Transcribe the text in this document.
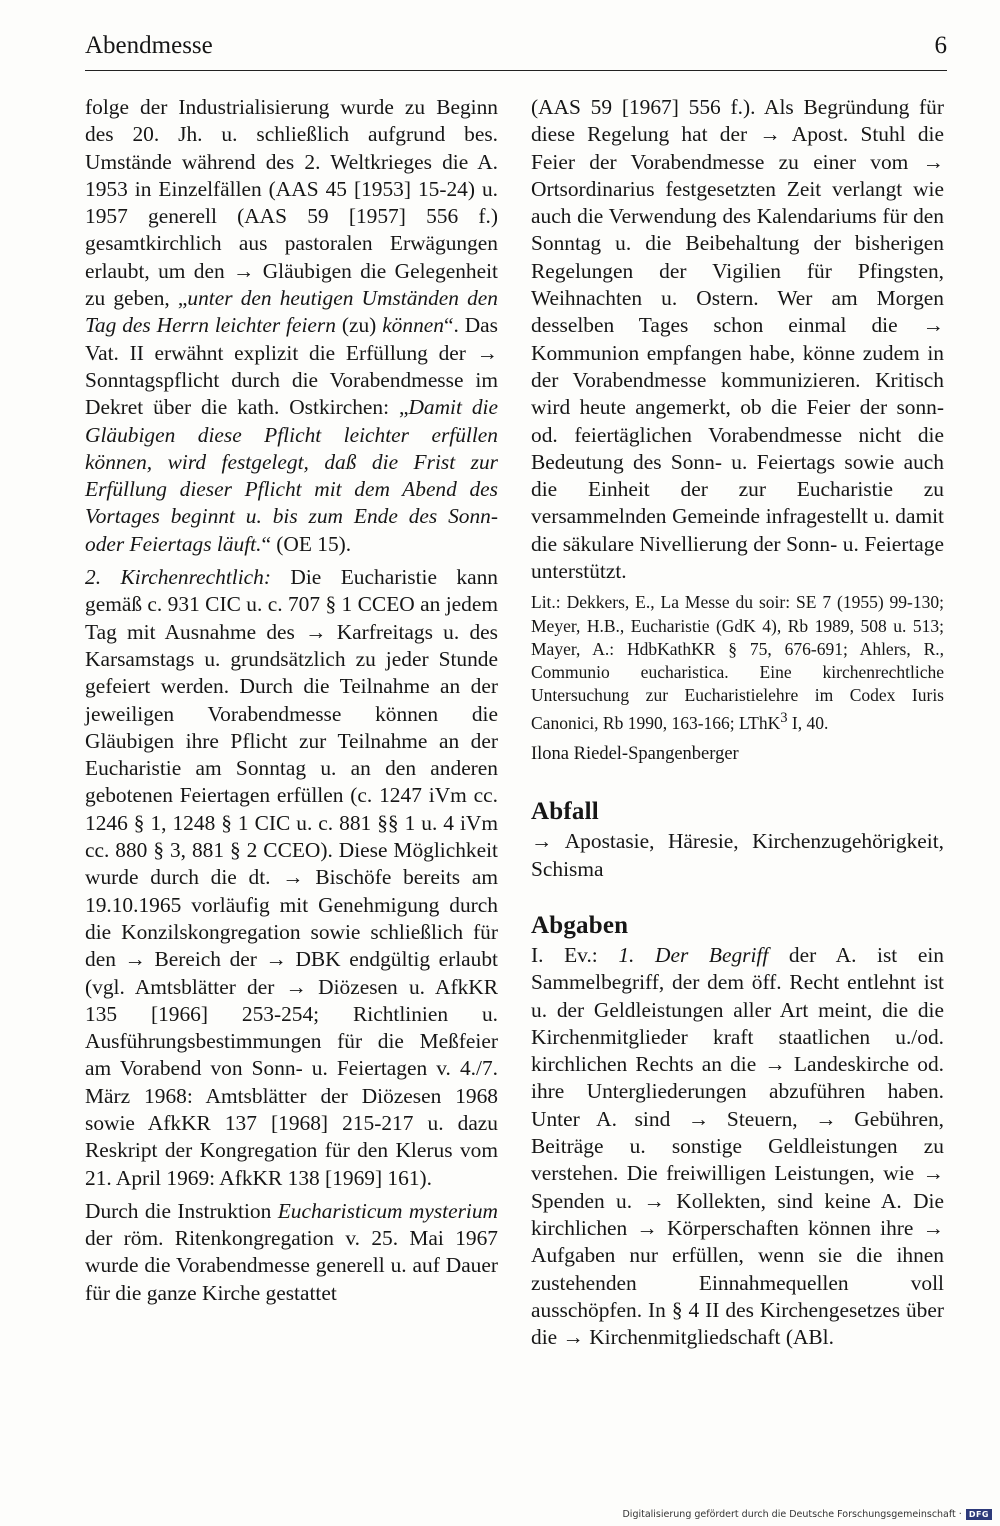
Abendmesse	6

folge der Industrialisierung wurde zu Beginn des 20. Jh. u. schließlich aufgrund bes. Umstände während des 2. Weltkrieges die A. 1953 in Einzelfällen (AAS 45 [1953] 15-24) u. 1957 generell (AAS 59 [1957] 556 f.) gesamtkirchlich aus pastoralen Erwägungen erlaubt, um den → Gläubigen die Gelegenheit zu geben, „unter den heutigen Umständen den Tag des Herrn leichter feiern (zu) können“. Das Vat. II erwähnt explizit die Erfüllung der → Sonntagspflicht durch die Vorabendmesse im Dekret über die kath. Ostkirchen: „Damit die Gläubigen diese Pflicht leichter erfüllen können, wird festgelegt, daß die Frist zur Erfüllung dieser Pflicht mit dem Abend des Vortages beginnt u. bis zum Ende des Sonn- oder Feiertags läuft.“ (OE 15).

2. Kirchenrechtlich: Die Eucharistie kann gemäß c. 931 CIC u. c. 707 § 1 CCEO an jedem Tag mit Ausnahme des → Karfreitags u. des Karsamstags u. grundsätzlich zu jeder Stunde gefeiert werden. Durch die Teilnahme an der jeweiligen Vorabendmesse können die Gläubigen ihre Pflicht zur Teilnahme an der Eucharistie am Sonntag u. an den anderen gebotenen Feiertagen erfüllen (c. 1247 iVm cc. 1246 § 1, 1248 § 1 CIC u. c. 881 §§ 1 u. 4 iVm cc. 880 § 3, 881 § 2 CCEO). Diese Möglichkeit wurde durch die dt. → Bischöfe bereits am 19.10.1965 vorläufig mit Genehmigung durch die Konzilskongregation sowie schließlich für den → Bereich der → DBK endgültig erlaubt (vgl. Amtsblätter der → Diözesen u. AfkKR 135 [1966] 253-254; Richtlinien u. Ausführungsbestimmungen für die Meßfeier am Vorabend von Sonn- u. Feiertagen v. 4./7. März 1968: Amtsblätter der Diözesen 1968 sowie AfkKR 137 [1968] 215-217 u. dazu Reskript der Kongregation für den Klerus vom 21. April 1969: AfkKR 138 [1969] 161).

Durch die Instruktion Eucharisticum mysterium der röm. Ritenkongregation v. 25. Mai 1967 wurde die Vorabendmesse generell u. auf Dauer für die ganze Kirche gestattet

(AAS 59 [1967] 556 f.). Als Begründung für diese Regelung hat der → Apost. Stuhl die Feier der Vorabendmesse zu einer vom → Ortsordinarius festgesetzten Zeit verlangt wie auch die Verwendung des Kalendariums für den Sonntag u. die Beibehaltung der bisherigen Regelungen der Vigilien für Pfingsten, Weihnachten u. Ostern. Wer am Morgen desselben Tages schon einmal die → Kommunion empfangen habe, könne zudem in der Vorabendmesse kommunizieren. Kritisch wird heute angemerkt, ob die Feier der sonn- od. feiertäglichen Vorabendmesse nicht die Bedeutung des Sonn- u. Feiertags sowie auch die Einheit der zur Eucharistie zu versammelnden Gemeinde infragestellt u. damit die säkulare Nivellierung der Sonn- u. Feiertage unterstützt.

Lit.: Dekkers, E., La Messe du soir: SE 7 (1955) 99-130; Meyer, H.B., Eucharistie (GdK 4), Rb 1989, 508 u. 513; Mayer, A.: HdbKathKR § 75, 676-691; Ahlers, R., Communio eucharistica. Eine kirchenrechtliche Untersuchung zur Eucharistielehre im Codex Iuris Canonici, Rb 1990, 163-166; LThK$^3$ I, 40.

Ilona Riedel-Spangenberger

Abfall

→ Apostasie, Häresie, Kirchenzugehörigkeit, Schisma

Abgaben

I. Ev.: 1. Der Begriff der A. ist ein Sammelbegriff, der dem öff. Recht entlehnt ist u. der Geldleistungen aller Art meint, die die Kirchenmitglieder kraft staatlichen u./od. kirchlichen Rechts an die → Landeskirche od. ihre Untergliederungen abzuführen haben. Unter A. sind → Steuern, → Gebühren, Beiträge u. sonstige Geldleistungen zu verstehen. Die freiwilligen Leistungen, wie → Spenden u. → Kollekten, sind keine A. Die kirchlichen → Körperschaften können ihre → Aufgaben nur erfüllen, wenn sie die ihnen zustehenden Einnahmequellen voll ausschöpfen. In § 4 II des Kirchengesetzes über die → Kirchenmitgliedschaft (ABl.

Digitalisierung gefördert durch die Deutsche Forschungsgemeinschaft · DFG
